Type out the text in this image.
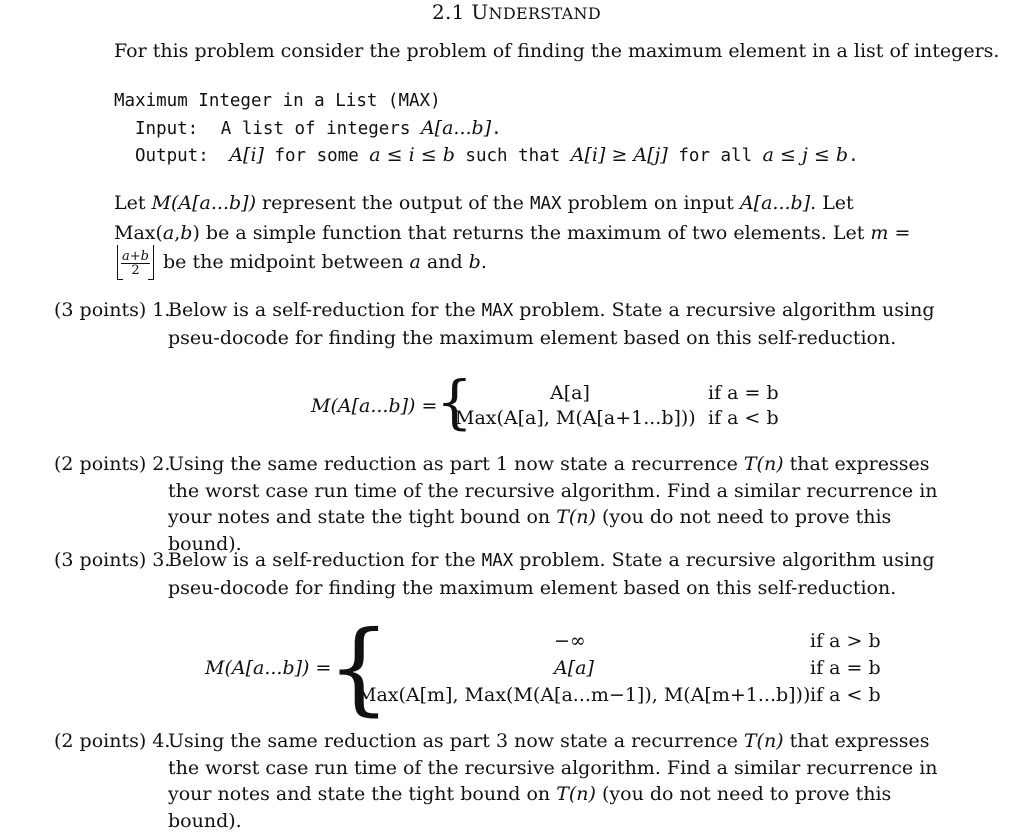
2.1 UNDERSTAND
For this problem consider the problem of finding the maximum element in a list of integers.
Maximum Integer in a List (MAX)
Input: A list of integers A[a...b].
Output: A[i] for some a ≤ i ≤ b such that A[i] ≥ A[j] for all a ≤ j ≤ b.
Let M(A[a...b]) represent the output of the MAX problem on input A[a...b]. Let Max(a,b) be a simple function that returns the maximum of two elements. Let m =
$\frac{a+b}{2}$ be the midpoint between a and b.
(3 points) 1.
Below is a self-reduction for the MAX problem. State a recursive algorithm using pseu-docode for finding the maximum element based on this self-reduction.
M(A[a...b]) =
{	A[a]	if a = b
Max(A[a], M(A[a+1...b])) if a < b
(2 points) 2.
Using the same reduction as part 1 now state a recurrence T(n) that expresses the worst case run time of the recursive algorithm. Find a similar recurrence in your notes and state the tight bound on T(n) (you do not need to prove this bound).
(3 points) 3.
Below is a self-reduction for the MAX problem. State a recursive algorithm using pseu-docode for finding the maximum element based on this self-reduction.
M(A[a...b]) =
{	−∞	if a > b
A[a]	if a = b
Max(A[m], Max(M(A[a...m−1]), M(A[m+1...b])) if a < b
(2 points) 4.
Using the same reduction as part 3 now state a recurrence T(n) that expresses the worst case run time of the recursive algorithm. Find a similar recurrence in your notes and state the tight bound on T(n) (you do not need to prove this bound).
